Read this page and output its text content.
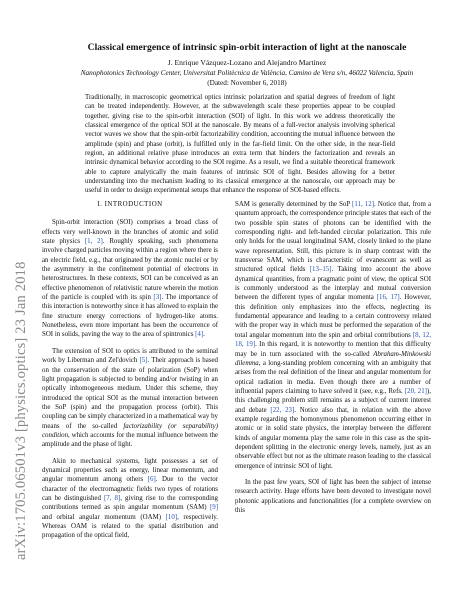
arXiv:1705.06501v3 [physics.optics] 23 Jan 2018
Classical emergence of intrinsic spin-orbit interaction of light at the nanoscale
J. Enrique Vázquez-Lozano and Alejandro Martínez
Nanophotonics Technology Center, Universitat Politècnica de València, Camino de Vera s/n, 46022 Valencia, Spain
(Dated: November 6, 2018)
Traditionally, in macroscopic geometrical optics intrinsic polarization and spatial degrees of freedom of light can be treated independently. However, at the subwavelength scale these properties appear to be coupled together, giving rise to the spin-orbit interaction (SOI) of light. In this work we address theoretically the classical emergence of the optical SOI at the nanoscale. By means of a full-vector analysis involving spherical vector waves we show that the spin-orbit factorizability condition, accounting the mutual influence between the amplitude (spin) and phase (orbit), is fulfilled only in the far-field limit. On the other side, in the near-field region, an additional relative phase introduces an extra term that hinders the factorization and reveals an intrinsic dynamical behavior according to the SOI regime. As a result, we find a suitable theoretical framework able to capture analytically the main features of intrinsic SOI of light. Besides allowing for a better understanding into the mechanism leading to its classical emergence at the nanoscale, our approach may be useful in order to design experimental setups that enhance the response of SOI-based effects.
I. INTRODUCTION

Spin-orbit interaction (SOI) comprises a broad class of effects very well-known in the branches of atomic and solid state physics [1, 2]. Roughly speaking, such phenomena involve charged particles moving within a region where there is an electric field, e.g., that originated by the atomic nuclei or by the asymmetry in the confinement potential of electrons in heterostructures. In these contexts, SOI can be conceived as an effective phenomenon of relativistic nature wherein the motion of the particle is coupled with its spin [3]. The importance of this interaction is noteworthy since it has allowed to explain the fine structure energy corrections of hydrogen-like atoms. Nonetheless, even more important has been the occurrence of SOI in solids, paving the way to the area of spintronics [4].

The extension of SOI to optics is attributed to the seminal work by Liberman and Zel'dovich [5]. Their approach is based on the conservation of the state of polarization (SoP) when light propagation is subjected to bending and/or twisting in an optically inhomogeneous medium. Under this scheme, they introduced the optical SOI as the mutual interaction between the SoP (spin) and the propagation process (orbit). This coupling can be simply characterized in a mathematical way by means of the so-called factorizability (or separability) condition, which accounts for the mutual influence between the amplitude and the phase of light.

Akin to mechanical systems, light possesses a set of dynamical properties such as energy, linear momentum, and angular momentum among others [6]. Due to the vector character of the electromagnetic fields two types of rotations can be distinguished [7, 8], giving rise to the corresponding contributions termed as spin angular momentum (SAM) [9] and orbital angular momentum (OAM) [10], respectively. Whereas OAM is related to the spatial distribution and propagation of the optical field,

SAM is generally determined by the SoP [11, 12]. Notice that, from a quantum approach, the correspondence principle states that each of the two possible spin states of photons can be identified with the corresponding right- and left-handed circular polarization. This rule only holds for the usual longitudinal SAM, closely linked to the plane wave representation. Still, this picture is in sharp contrast with the transverse SAM, which is characteristic of evanescent as well as structured optical fields [13–15]. Taking into account the above dynamical quantities, from a pragmatic point of view, the optical SOI is commonly understood as the interplay and mutual conversion between the different types of angular momenta [16, 17]. However, this definition only emphasizes into the effects, neglecting its fundamental appearance and leading to a certain controversy related with the proper way in which must be performed the separation of the total angular momentum into the spin and orbital contributions [8, 12, 18, 19]. In this regard, it is noteworthy to mention that this difficulty may be in turn associated with the so-called Abraham-Minkowski dilemma, a long-standing problem concerning with an ambiguity that arises from the real definition of the linear and angular momentum for optical radiation in media. Even though there are a number of influential papers claiming to have solved it (see, e.g., Refs. [20, 21]), this challenging problem still remains as a subject of current interest and debate [22, 23]. Notice also that, in relation with the above example regarding the homonymous phenomenon occurring either in atomic or in solid state physics, the interplay between the different kinds of angular momenta play the same role in this case as the spin-dependent splitting in the electronic energy levels, namely, just as an observable effect but not as the ultimate reason leading to the classical emergence of intrinsic SOI of light.

In the past few years, SOI of light has been the subject of intense research activity. Huge efforts have been devoted to investigate novel photonic applications and functionalities (for a complete overview on this
